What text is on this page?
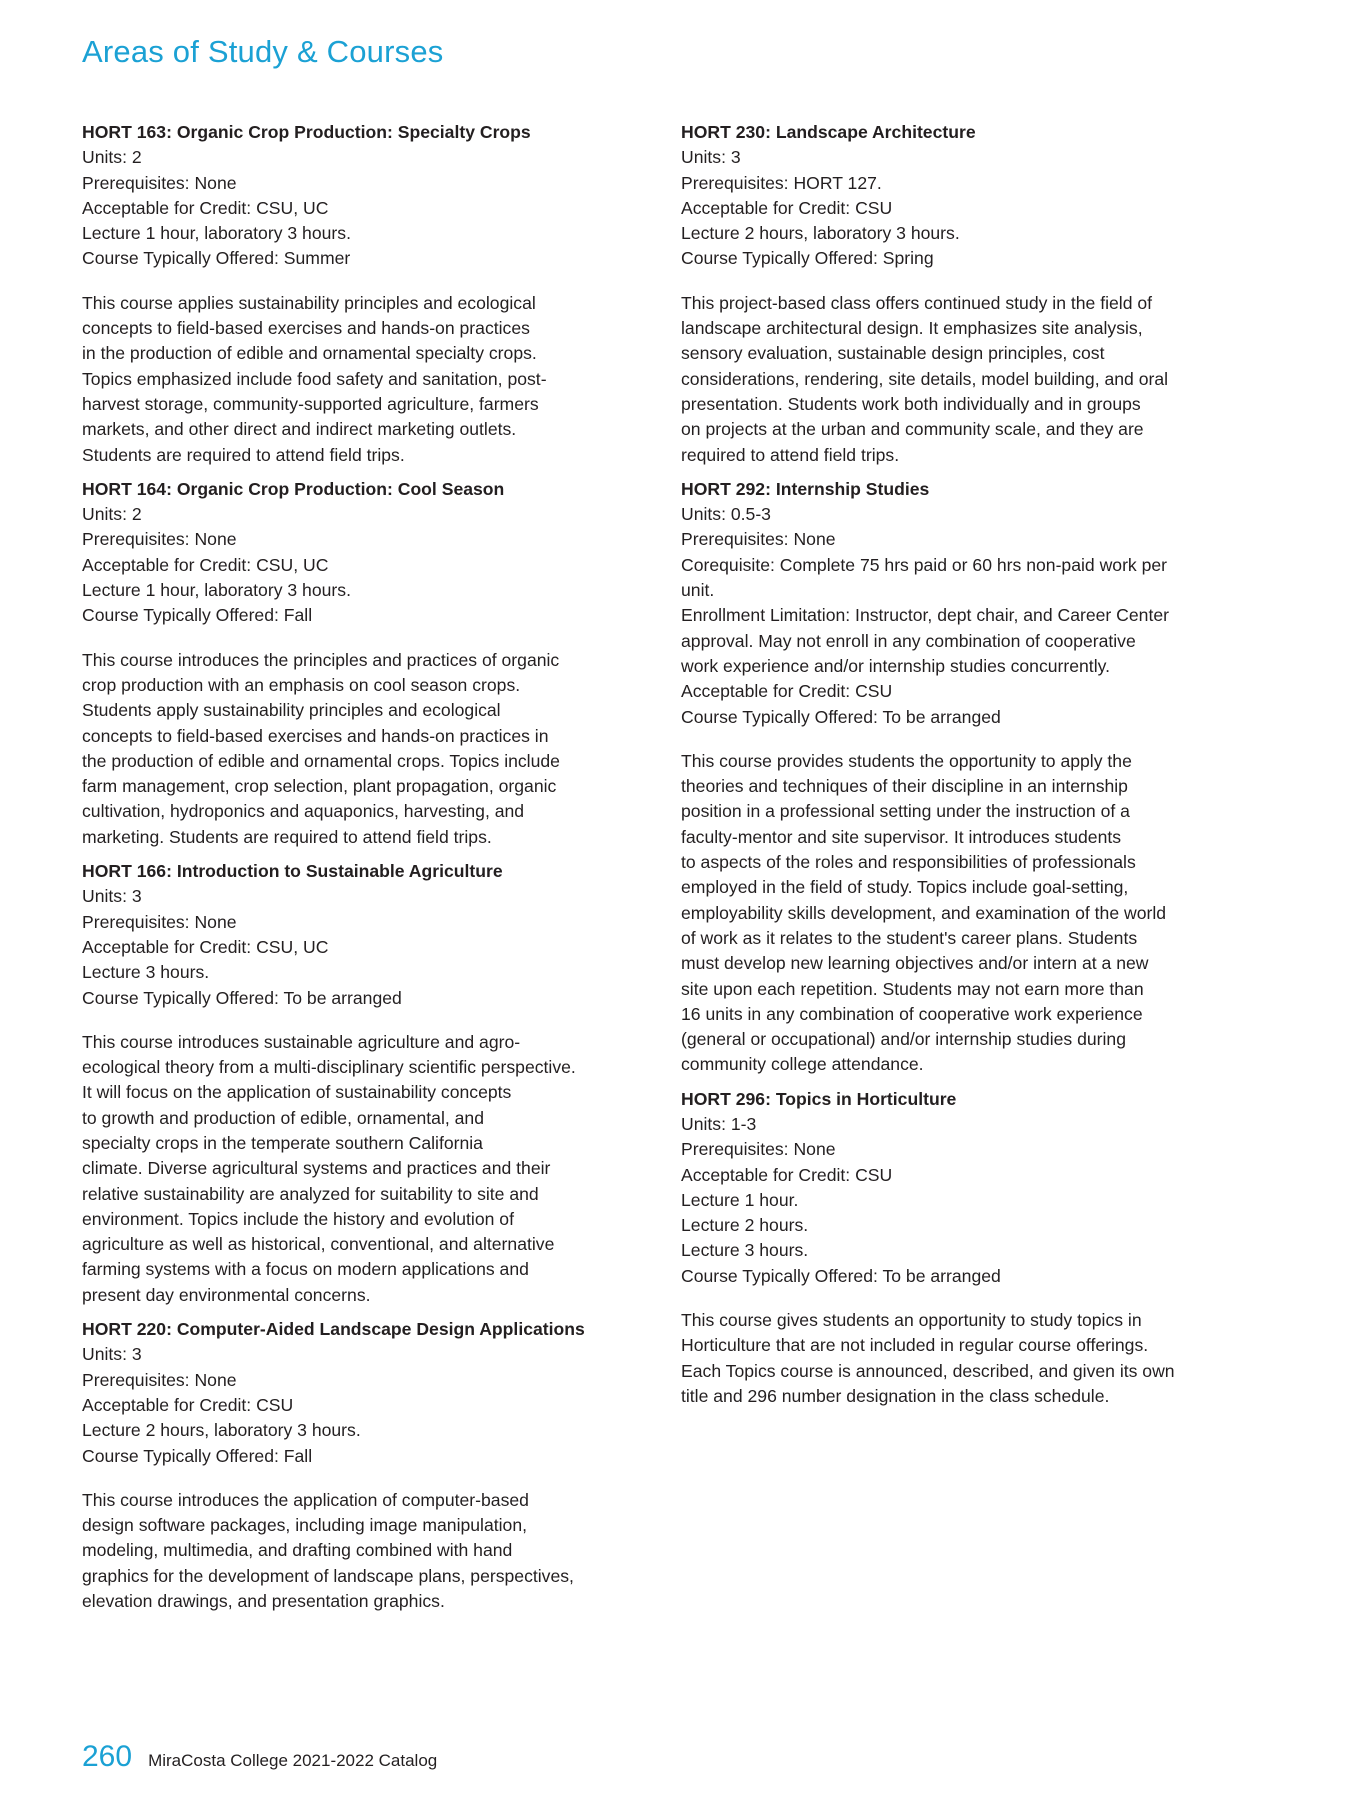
Areas of Study & Courses
HORT 163: Organic Crop Production: Specialty Crops
Units: 2
Prerequisites: None
Acceptable for Credit: CSU, UC
Lecture 1 hour, laboratory 3 hours.
Course Typically Offered: Summer
This course applies sustainability principles and ecological
concepts to field-based exercises and hands-on practices
in the production of edible and ornamental specialty crops.
Topics emphasized include food safety and sanitation, post-
harvest storage, community-supported agriculture, farmers
markets, and other direct and indirect marketing outlets.
Students are required to attend field trips.
HORT 164: Organic Crop Production: Cool Season
Units: 2
Prerequisites: None
Acceptable for Credit: CSU, UC
Lecture 1 hour, laboratory 3 hours.
Course Typically Offered: Fall
This course introduces the principles and practices of organic
crop production with an emphasis on cool season crops.
Students apply sustainability principles and ecological
concepts to field-based exercises and hands-on practices in
the production of edible and ornamental crops. Topics include
farm management, crop selection, plant propagation, organic
cultivation, hydroponics and aquaponics, harvesting, and
marketing. Students are required to attend field trips.
HORT 166: Introduction to Sustainable Agriculture
Units: 3
Prerequisites: None
Acceptable for Credit: CSU, UC
Lecture 3 hours.
Course Typically Offered: To be arranged
This course introduces sustainable agriculture and agro-
ecological theory from a multi-disciplinary scientific perspective.
It will focus on the application of sustainability concepts
to growth and production of edible, ornamental, and
specialty crops in the temperate southern California
climate. Diverse agricultural systems and practices and their
relative sustainability are analyzed for suitability to site and
environment. Topics include the history and evolution of
agriculture as well as historical, conventional, and alternative
farming systems with a focus on modern applications and
present day environmental concerns.
HORT 220: Computer-Aided Landscape Design Applications
Units: 3
Prerequisites: None
Acceptable for Credit: CSU
Lecture 2 hours, laboratory 3 hours.
Course Typically Offered: Fall
This course introduces the application of computer-based
design software packages, including image manipulation,
modeling, multimedia, and drafting combined with hand
graphics for the development of landscape plans, perspectives,
elevation drawings, and presentation graphics.
HORT 230: Landscape Architecture
Units: 3
Prerequisites: HORT 127.
Acceptable for Credit: CSU
Lecture 2 hours, laboratory 3 hours.
Course Typically Offered: Spring
This project-based class offers continued study in the field of
landscape architectural design. It emphasizes site analysis,
sensory evaluation, sustainable design principles, cost
considerations, rendering, site details, model building, and oral
presentation. Students work both individually and in groups
on projects at the urban and community scale, and they are
required to attend field trips.
HORT 292: Internship Studies
Units: 0.5-3
Prerequisites: None
Corequisite: Complete 75 hrs paid or 60 hrs non-paid work per
unit.
Enrollment Limitation: Instructor, dept chair, and Career Center
approval. May not enroll in any combination of cooperative
work experience and/or internship studies concurrently.
Acceptable for Credit: CSU
Course Typically Offered: To be arranged
This course provides students the opportunity to apply the
theories and techniques of their discipline in an internship
position in a professional setting under the instruction of a
faculty-mentor and site supervisor. It introduces students
to aspects of the roles and responsibilities of professionals
employed in the field of study. Topics include goal-setting,
employability skills development, and examination of the world
of work as it relates to the student's career plans. Students
must develop new learning objectives and/or intern at a new
site upon each repetition. Students may not earn more than
16 units in any combination of cooperative work experience
(general or occupational) and/or internship studies during
community college attendance.
HORT 296: Topics in Horticulture
Units: 1-3
Prerequisites: None
Acceptable for Credit: CSU
Lecture 1 hour.
Lecture 2 hours.
Lecture 3 hours.
Course Typically Offered: To be arranged
This course gives students an opportunity to study topics in
Horticulture that are not included in regular course offerings.
Each Topics course is announced, described, and given its own
title and 296 number designation in the class schedule.
260 MiraCosta College 2021-2022 Catalog
